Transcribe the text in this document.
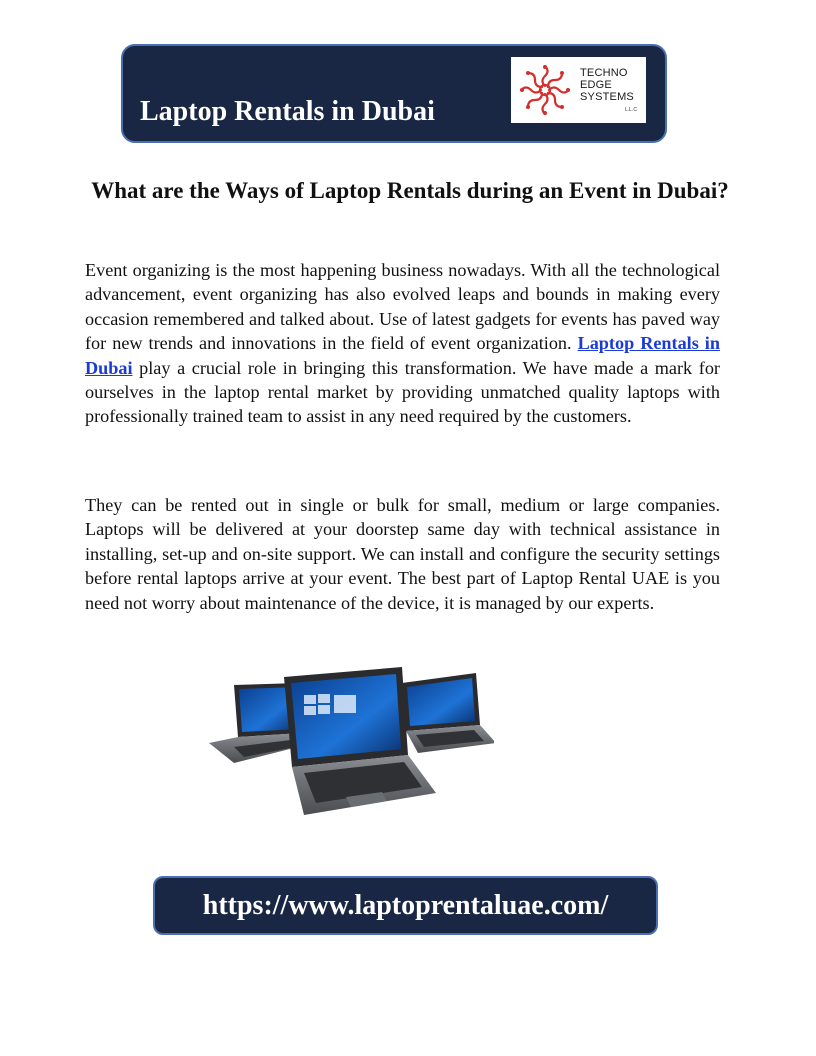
Laptop Rentals in Dubai
TECHNO
EDGE
SYSTEMS
L.L.C
What are the Ways of Laptop Rentals during an Event in Dubai?

Event organizing is the most happening business nowadays. With all the technological advancement, event organizing has also evolved leaps and bounds in making every occasion remembered and talked about. Use of latest gadgets for events has paved way for new trends and innovations in the field of event organization. Laptop Rentals in Dubai play a crucial role in bringing this transformation. We have made a mark for ourselves in the laptop rental market by providing unmatched quality laptops with professionally trained team to assist in any need required by the customers.

They can be rented out in single or bulk for small, medium or large companies. Laptops will be delivered at your doorstep same day with technical assistance in installing, set-up and on-site support. We can install and configure the security settings before rental laptops arrive at your event. The best part of Laptop Rental UAE is you need not worry about maintenance of the device, it is managed by our experts.

https://www.laptoprentaluae.com/
